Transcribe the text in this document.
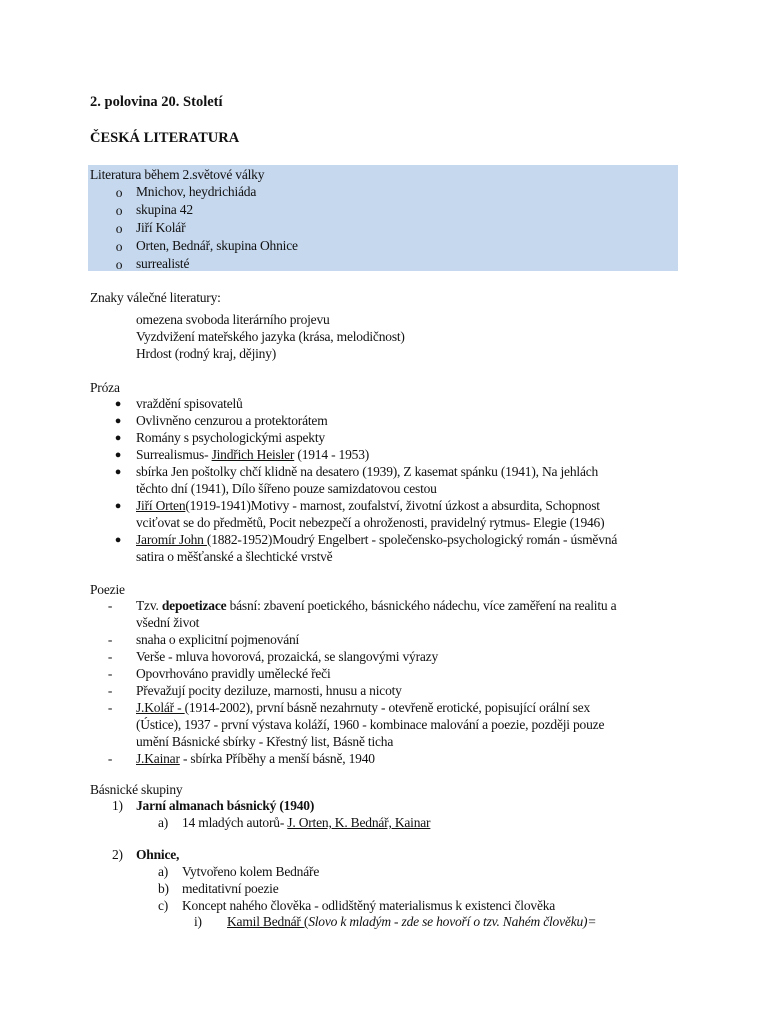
2. polovina 20. Století
ČESKÁ LITERATURA
Literatura během 2.světové války
o Mnichov, heydrichiáda
o skupina 42
o Jiří Kolář
o Orten, Bednář, skupina Ohnice
o surrealisté
Znaky válečné literatury:
omezena svoboda literárního projevu
Vyzdvižení mateřského jazyka (krása, melodičnost)
Hrdost (rodný kraj, dějiny)
Próza
● vraždění spisovatelů
● Ovlivněno cenzurou a protektorátem
● Romány s psychologickými aspekty
● Surrealismus- Jindřich Heisler (1914 - 1953)
● sbírka Jen poštolky chčí klidně na desatero (1939), Z kasemat spánku (1941), Na jehlách
těchto dní (1941), Dílo šířeno pouze samizdatovou cestou
● Jiří Orten(1919-1941)Motivy - marnost, zoufalství, životní úzkost a absurdita, Schopnost
vciťovat se do předmětů, Pocit nebezpečí a ohroženosti, pravidelný rytmus- Elegie (1946)
● Jaromír John (1882-1952)Moudrý Engelbert - společensko-psychologický román - úsměvná
satira o měšťanské a šlechtické vrstvě
Poezie
-	Tzv. depoetizace básní: zbavení poetického, básnického nádechu, více zaměření na realitu a
všední život
-	snaha o explicitní pojmenování
-	Verše - mluva hovorová, prozaická, se slangovými výrazy
-	Opovrhováno pravidly umělecké řeči
-	Převažují pocity deziluze, marnosti, hnusu a nicoty
-	J.Kolář - (1914-2002), první básně nezahrnuty - otevřeně erotické, popisující orální sex
(Ústice), 1937 - první výstava koláží, 1960 - kombinace malování a poezie, později pouze
umění Básnické sbírky - Křestný list, Básně ticha
-	J.Kainar - sbírka Příběhy a menší básně, 1940
Básnické skupiny
1) Jarní almanach básnický (1940)
a) 14 mladých autorů- J. Orten, K. Bednář, Kainar
2) Ohnice,
a) Vytvořeno kolem Bednáře
b) meditativní poezie
c) Koncept nahého člověka - odlidštěný materialismus k existenci člověka
i) Kamil Bednář (Slovo k mladým - zde se hovoří o tzv. Nahém člověku)=
